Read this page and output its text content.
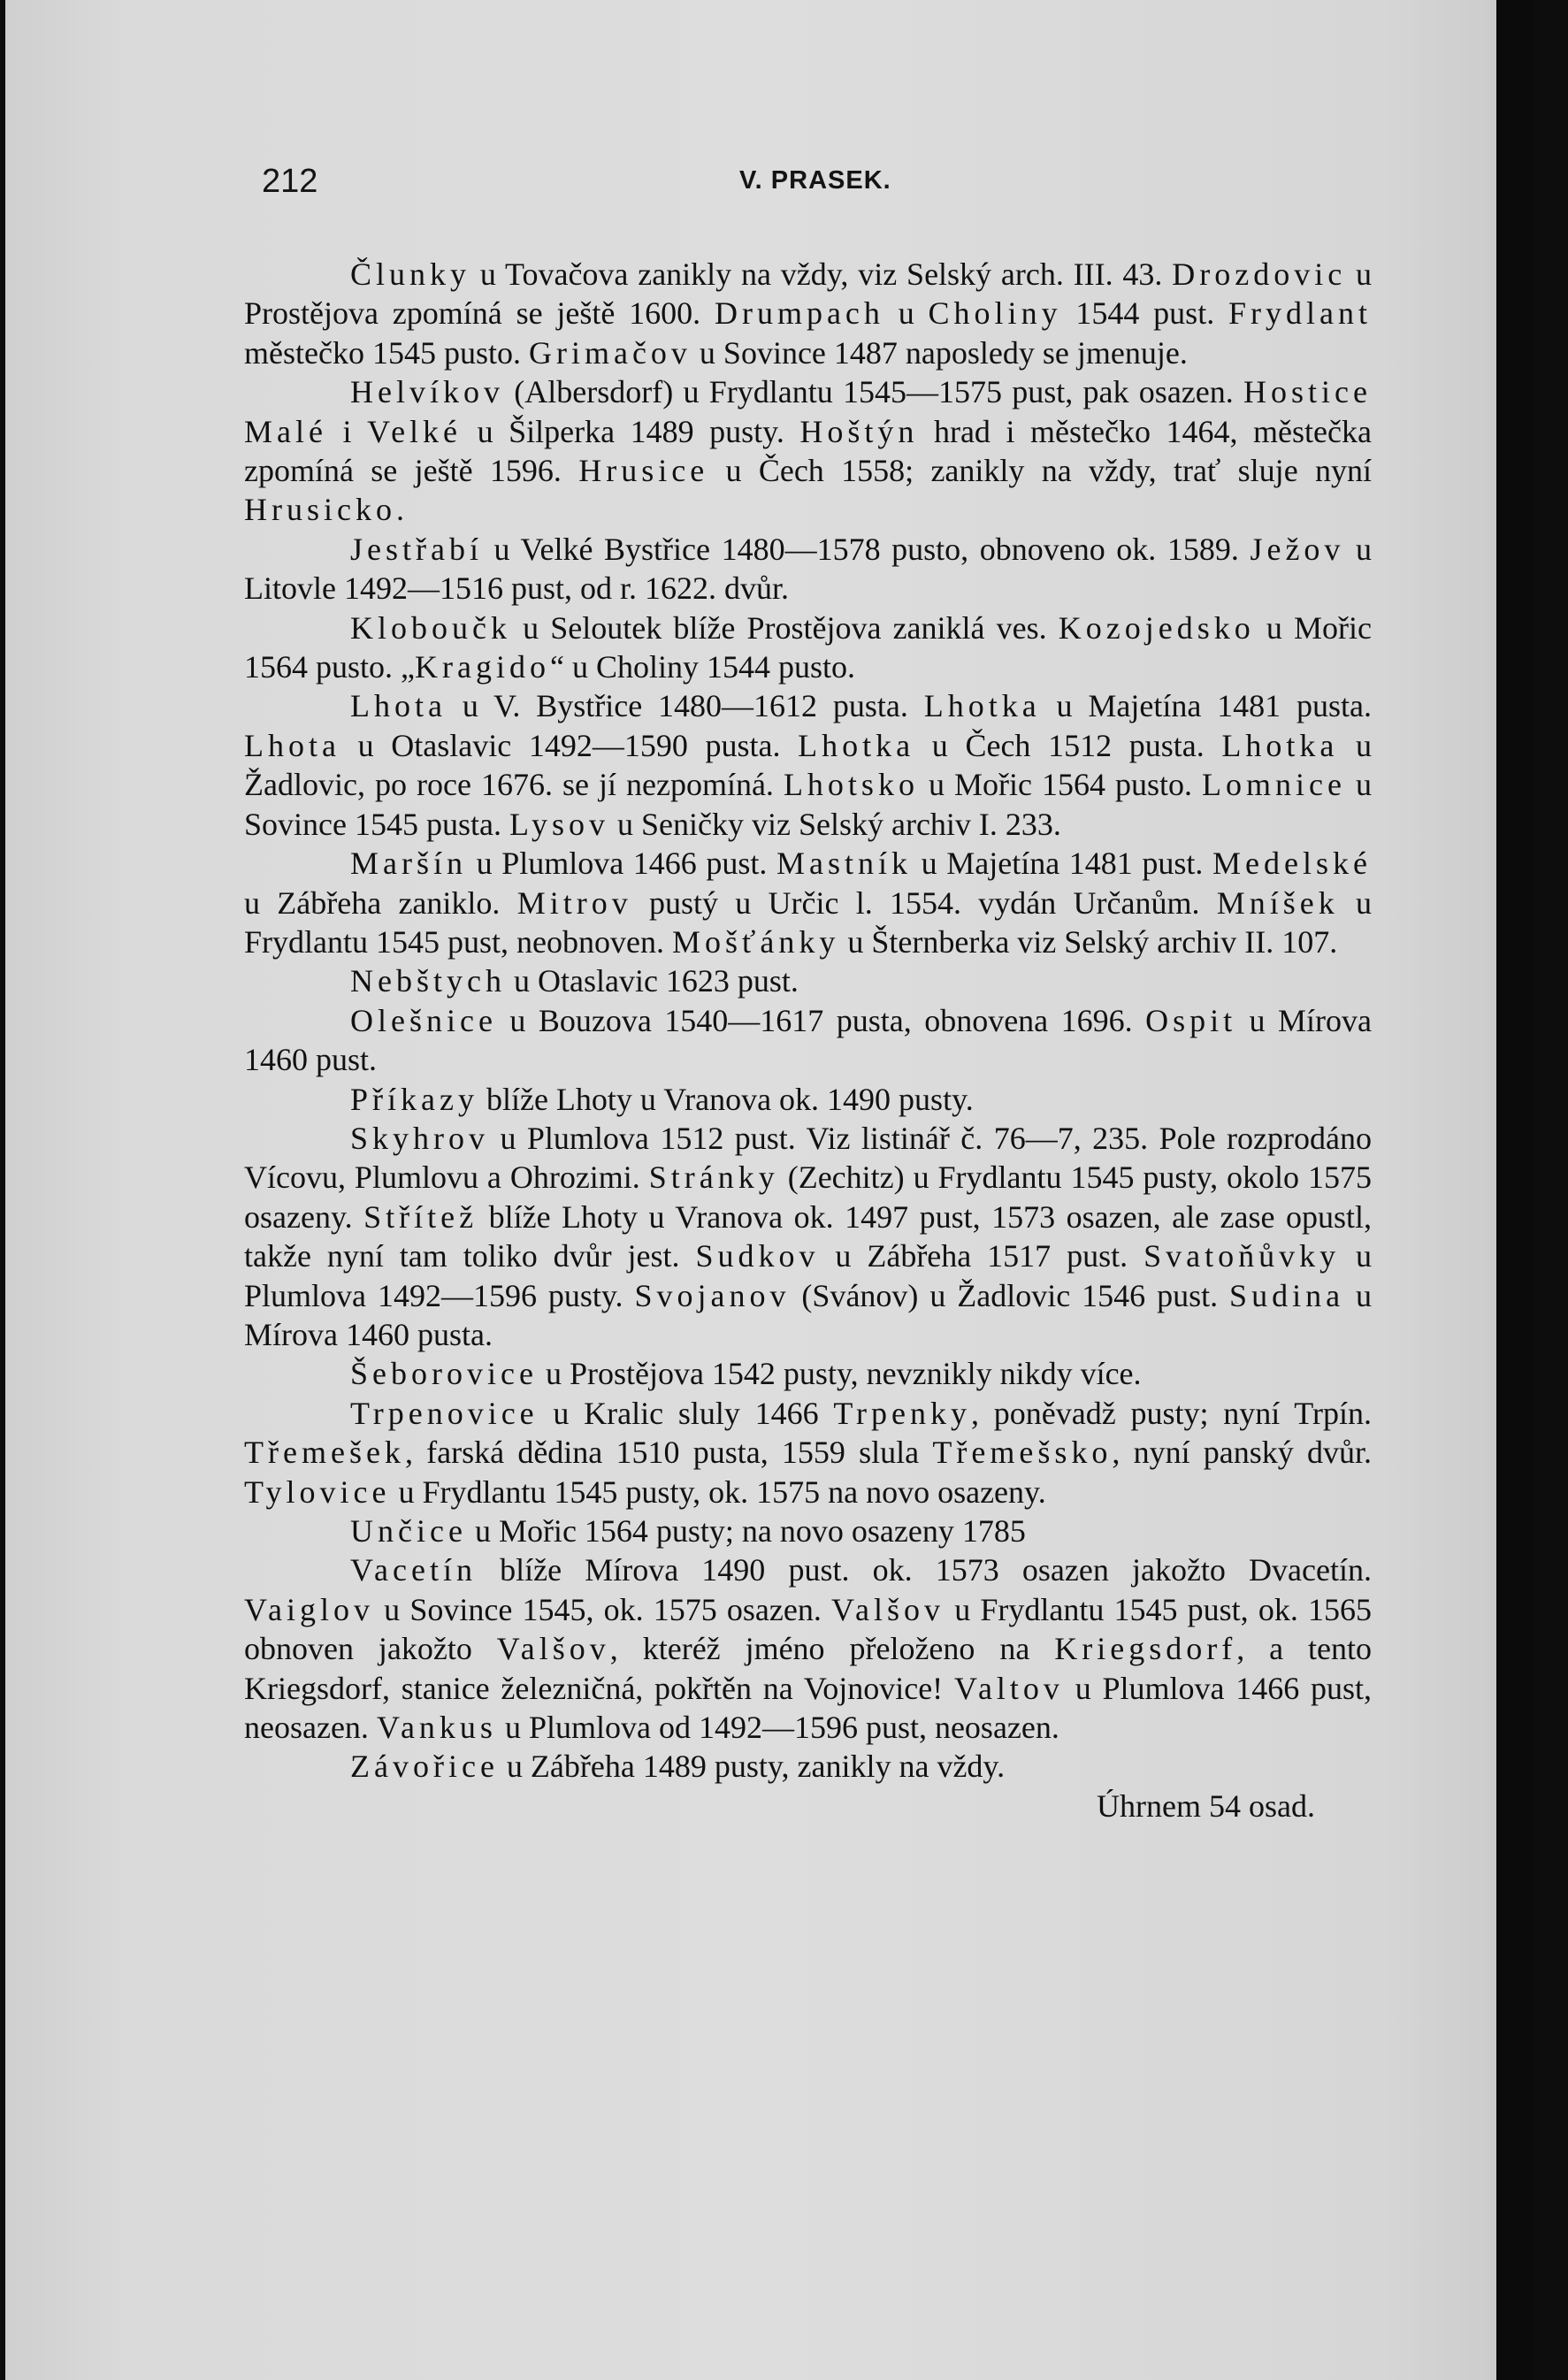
212	V. PRASEK.

Člunky u Tovačova zanikly na vždy, viz Selský arch. III. 43. Drozdovic u Prostějova zpomíná se ještě 1600. Drumpach u Choliny 1544 pust. Frydlant městečko 1545 pusto. Grimačov u Sovince 1487 naposledy se jmenuje.

Helvíkov (Albersdorf) u Frydlantu 1545—1575 pust, pak osazen. Hostice Malé i Velké u Šilperka 1489 pusty. Hoštýn hrad i městečko 1464, městečka zpomíná se ještě 1596. Hrusice u Čech 1558; zanikly na vždy, trať sluje nyní Hrusicko.

Jestřabí u Velké Bystřice 1480—1578 pusto, obnoveno ok. 1589. Ježov u Litovle 1492—1516 pust, od r. 1622. dvůr.

Kloboučk u Seloutek blíže Prostějova zaniklá ves. Kozojedsko u Mořic 1564 pusto. „Kragido“ u Choliny 1544 pusto.

Lhota u V. Bystřice 1480—1612 pusta. Lhotka u Majetína 1481 pusta. Lhota u Otaslavic 1492—1590 pusta. Lhotka u Čech 1512 pusta. Lhotka u Žadlovic, po roce 1676. se jí nezpomíná. Lhotsko u Mořic 1564 pusto. Lomnice u Sovince 1545 pusta. Lysov u Seničky viz Selský archiv I. 233.

Maršín u Plumlova 1466 pust. Mastník u Majetína 1481 pust. Medelské u Zábřeha zaniklo. Mitrov pustý u Určic l. 1554. vydán Určanům. Mníšek u Frydlantu 1545 pust, neobnoven. Mošťánky u Šternberka viz Selský archiv II. 107.

Nebštych u Otaslavic 1623 pust.

Olešnice u Bouzova 1540—1617 pusta, obnovena 1696. Ospit u Mírova 1460 pust.

Příkazy blíže Lhoty u Vranova ok. 1490 pusty.

Skyhrov u Plumlova 1512 pust. Viz listinář č. 76—7, 235. Pole rozprodáno Vícovu, Plumlovu a Ohrozimi. Stránky (Zechitz) u Frydlantu 1545 pusty, okolo 1575 osazeny. Střítež blíže Lhoty u Vranova ok. 1497 pust, 1573 osazen, ale zase opustl, takže nyní tam toliko dvůr jest. Sudkov u Zábřeha 1517 pust. Svatoňůvky u Plumlova 1492—1596 pusty. Svojanov (Svánov) u Žadlovic 1546 pust. Sudina u Mírova 1460 pusta.

Šeborovice u Prostějova 1542 pusty, nevznikly nikdy více.

Trpenovice u Kralic sluly 1466 Trpenky, poněvadž pusty; nyní Trpín. Třemešek, farská dědina 1510 pusta, 1559 slula Třemešsko, nyní panský dvůr. Tylovice u Frydlantu 1545 pusty, ok. 1575 na novo osazeny.

Unčice u Mořic 1564 pusty; na novo osazeny 1785

Vacetín blíže Mírova 1490 pust. ok. 1573 osazen jakožto Dvacetín. Vaiglov u Sovince 1545, ok. 1575 osazen. Valšov u Frydlantu 1545 pust, ok. 1565 obnoven jakožto Valšov, kteréž jméno přeloženo na Kriegsdorf, a tento Kriegsdorf, stanice železničná, pokřtěn na Vojnovice! Valtov u Plumlova 1466 pust, neosazen. Vankus u Plumlova od 1492—1596 pust, neosazen.

Závořice u Zábřeha 1489 pusty, zanikly na vždy.

Úhrnem 54 osad.
